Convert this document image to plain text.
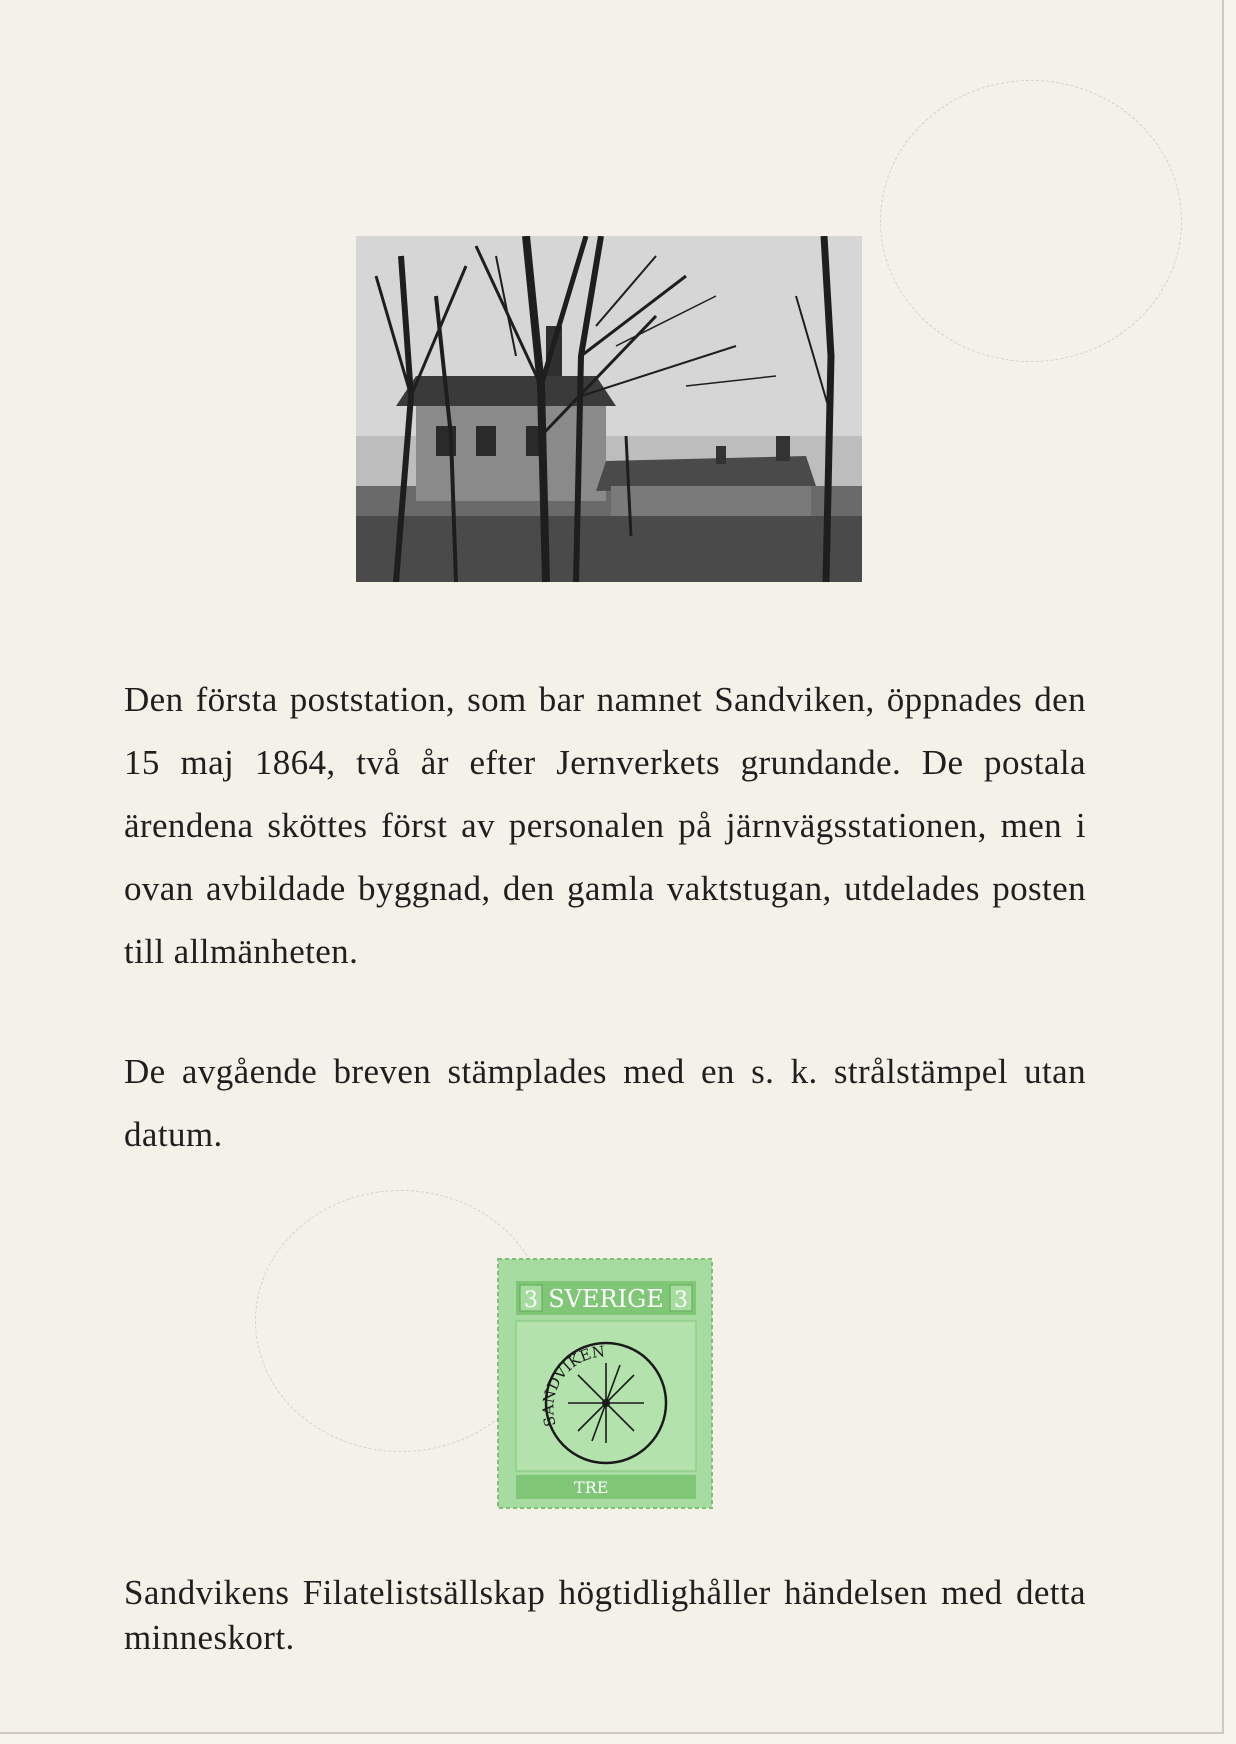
Den första poststation, som bar namnet Sandviken, öppnades den 15 maj 1864, två år efter Jernverkets grundande. De postala ärendena sköttes först av personalen på järnvägsstationen, men i ovan avbildade byggnad, den gamla vaktstugan, utdelades posten till allmänheten.
De avgående breven stämplades med en s. k. strålstämpel utan datum.
3 SVERIGE 3
TRE
SANDVIKEN
Sandvikens Filatelistsällskap högtidlighåller händelsen med detta minneskort.
